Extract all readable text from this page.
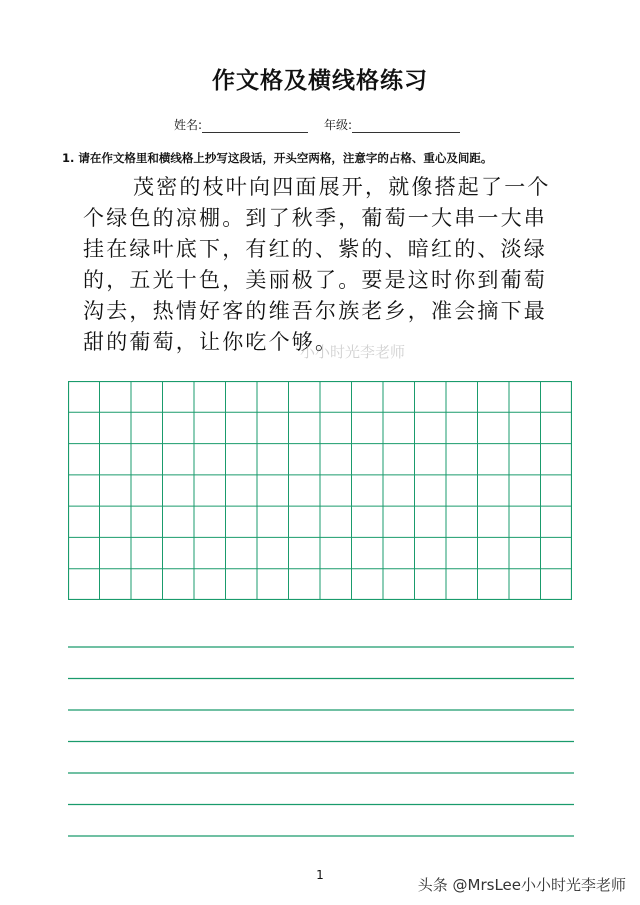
作文格及横线格练习
姓名:	年级:
1. 请在作文格里和横线格上抄写这段话，开头空两格，注意字的占格、重心及间距。
茂密的枝叶向四面展开，就像搭起了一个
个绿色的凉棚。到了秋季，葡萄一大串一大串
挂在绿叶底下，有红的、紫的、暗红的、淡绿
的，五光十色，美丽极了。要是这时你到葡萄
沟去，热情好客的维吾尔族老乡，准会摘下最
甜的葡萄，让你吃个够。
小小时光李老师
1
头条 @MrsLee小小时光李老师
